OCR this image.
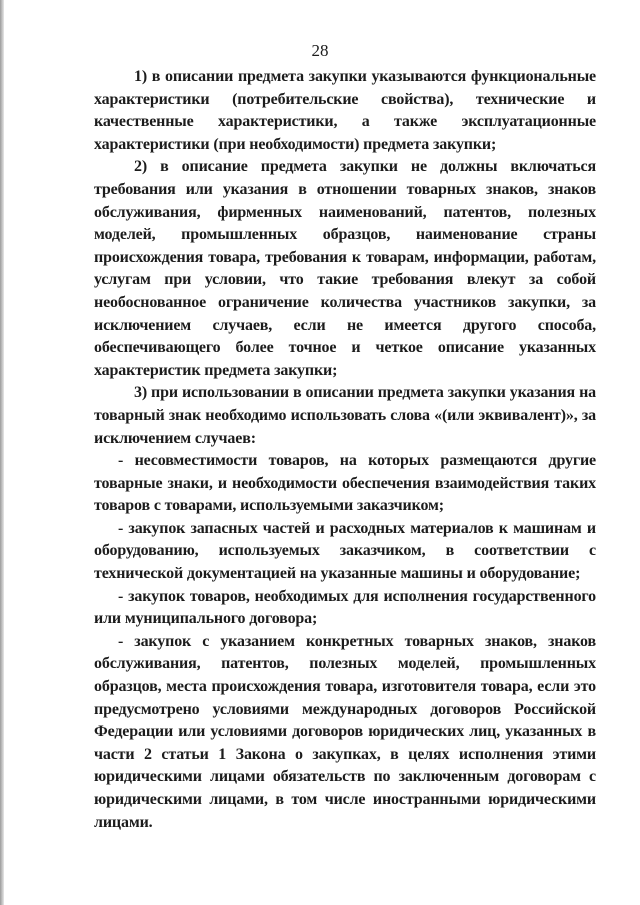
28

1) в описании предмета закупки указываются функциональные характеристики (потребительские свойства), технические и качественные характеристики, а также эксплуатационные характеристики (при необходимости) предмета закупки;

2) в описание предмета закупки не должны включаться требования или указания в отношении товарных знаков, знаков обслуживания, фирменных наименований, патентов, полезных моделей, промышленных образцов, наименование страны происхождения товара, требования к товарам, информации, работам, услугам при условии, что такие требования влекут за собой необоснованное ограничение количества участников закупки, за исключением случаев, если не имеется другого способа, обеспечивающего более точное и четкое описание указанных характеристик предмета закупки;

3) при использовании в описании предмета закупки указания на товарный знак необходимо использовать слова «(или эквивалент)», за исключением случаев:

- несовместимости товаров, на которых размещаются другие товарные знаки, и необходимости обеспечения взаимодействия таких товаров с товарами, используемыми заказчиком;

- закупок запасных частей и расходных материалов к машинам и оборудованию, используемых заказчиком, в соответствии с технической документацией на указанные машины и оборудование;

- закупок товаров, необходимых для исполнения государственного или муниципального договора;

- закупок с указанием конкретных товарных знаков, знаков обслуживания, патентов, полезных моделей, промышленных образцов, места происхождения товара, изготовителя товара, если это предусмотрено условиями международных договоров Российской Федерации или условиями договоров юридических лиц, указанных в части 2 статьи 1 Закона о закупках, в целях исполнения этими юридическими лицами обязательств по заключенным договорам с юридическими лицами, в том числе иностранными юридическими лицами.
